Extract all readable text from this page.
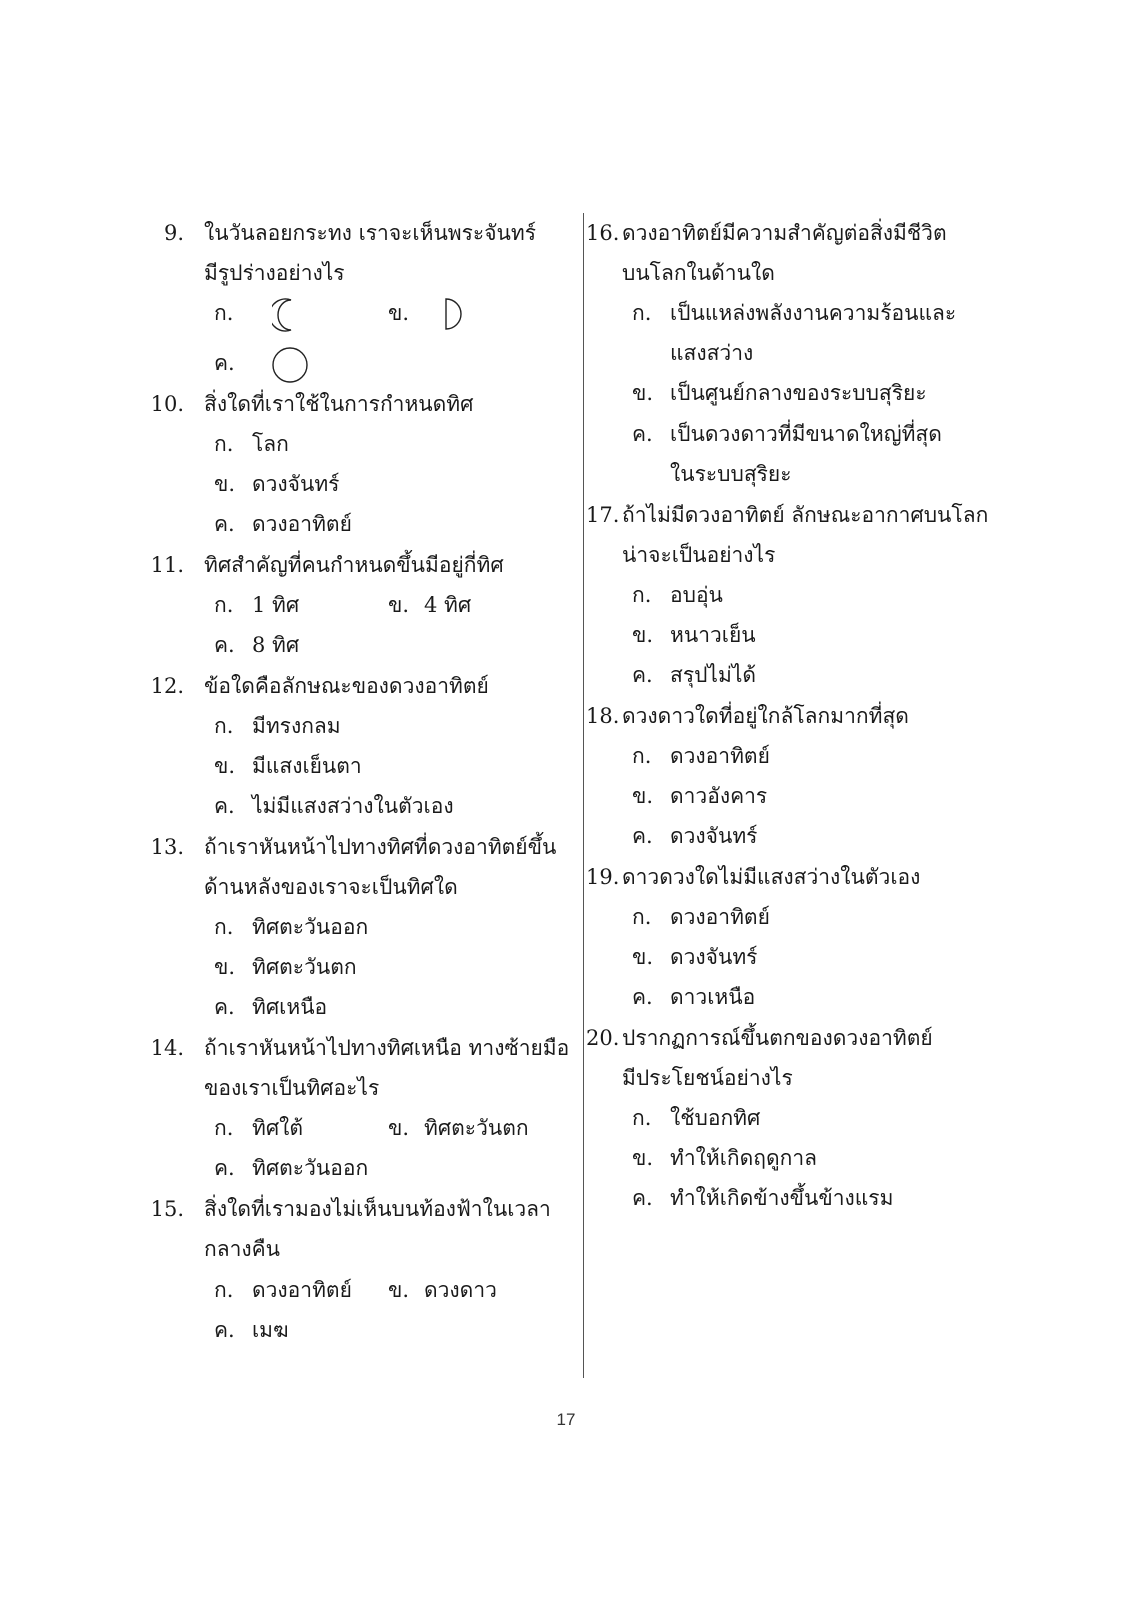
9. ในวันลอยกระทง เราจะเห็นพระจันทร์
มีรูปร่างอย่างไร
ก.	ข.
ค.
10. สิ่งใดที่เราใช้ในการกำหนดทิศ
ก. โลก
ข. ดวงจันทร์
ค. ดวงอาทิตย์
11. ทิศสำคัญที่คนกำหนดขึ้นมีอยู่กี่ทิศ
ก. 1 ทิศ	ข. 4 ทิศ
ค. 8 ทิศ
12. ข้อใดคือลักษณะของดวงอาทิตย์
ก. มีทรงกลม
ข. มีแสงเย็นตา
ค. ไม่มีแสงสว่างในตัวเอง
13. ถ้าเราหันหน้าไปทางทิศที่ดวงอาทิตย์ขึ้น
ด้านหลังของเราจะเป็นทิศใด
ก. ทิศตะวันออก
ข. ทิศตะวันตก
ค. ทิศเหนือ
14. ถ้าเราหันหน้าไปทางทิศเหนือ ทางซ้ายมือ
ของเราเป็นทิศอะไร
ก. ทิศใต้	ข. ทิศตะวันตก
ค. ทิศตะวันออก
15. สิ่งใดที่เรามองไม่เห็นบนท้องฟ้าในเวลา
กลางคืน
ก. ดวงอาทิตย์ ข. ดวงดาว
ค. เมฆ
16. ดวงอาทิตย์มีความสำคัญต่อสิ่งมีชีวิต
บนโลกในด้านใด
ก. เป็นแหล่งพลังงานความร้อนและ
แสงสว่าง
ข. เป็นศูนย์กลางของระบบสุริยะ
ค. เป็นดวงดาวที่มีขนาดใหญ่ที่สุด
ในระบบสุริยะ
17. ถ้าไม่มีดวงอาทิตย์ ลักษณะอากาศบนโลก
น่าจะเป็นอย่างไร
ก. อบอุ่น
ข. หนาวเย็น
ค. สรุปไม่ได้
18. ดวงดาวใดที่อยู่ใกล้โลกมากที่สุด
ก. ดวงอาทิตย์
ข. ดาวอังคาร
ค. ดวงจันทร์
19. ดาวดวงใดไม่มีแสงสว่างในตัวเอง
ก. ดวงอาทิตย์
ข. ดวงจันทร์
ค. ดาวเหนือ
20. ปรากฏการณ์ขึ้นตกของดวงอาทิตย์
มีประโยชน์อย่างไร
ก. ใช้บอกทิศ
ข. ทำให้เกิดฤดูกาล
ค. ทำให้เกิดข้างขึ้นข้างแรม
17
